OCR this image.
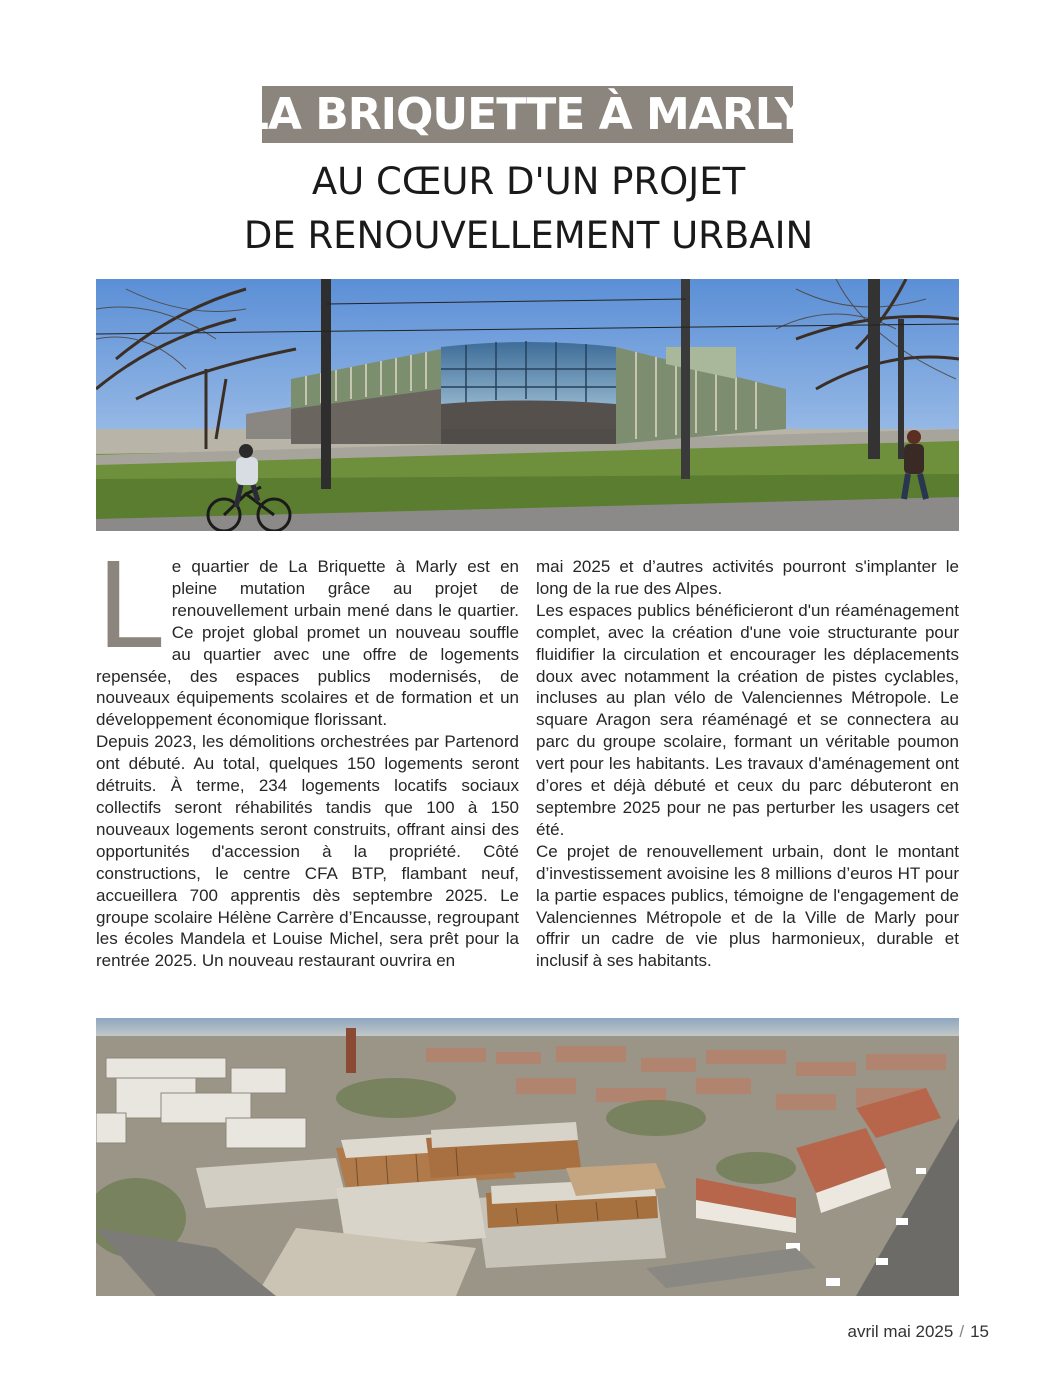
LA BRIQUETTE À MARLY,
AU CŒUR D'UN PROJET
DE RENOUVELLEMENT URBAIN
L e quartier de La Briquette à Marly est en pleine mutation grâce au projet de renouvellement urbain mené dans le quartier. Ce projet global promet un nouveau souffle au quartier avec une offre de logements repensée, des espaces publics modernisés, de nouveaux équipements scolaires et de formation et un développement économique florissant.

Depuis 2023, les démolitions orchestrées par Partenord ont débuté. Au total, quelques 150 logements seront détruits. À terme, 234 logements locatifs sociaux collectifs seront réhabilités tandis que 100 à 150 nouveaux logements seront construits, offrant ainsi des opportunités d'accession à la propriété. Côté constructions, le centre CFA BTP, flambant neuf, accueillera 700 apprentis dès septembre 2025. Le groupe scolaire Hélène Carrère d’Encausse, regroupant les écoles Mandela et Louise Michel, sera prêt pour la rentrée 2025. Un nouveau restaurant ouvrira en

mai 2025 et d’autres activités pourront s'implanter le long de la rue des Alpes.

Les espaces publics bénéficieront d'un réaménagement complet, avec la création d'une voie structurante pour fluidifier la circulation et encourager les déplacements doux avec notamment la création de pistes cyclables, incluses au plan vélo de Valenciennes Métropole. Le square Aragon sera réaménagé et se connectera au parc du groupe scolaire, formant un véritable poumon vert pour les habitants. Les travaux d'aménagement ont d’ores et déjà débuté et ceux du parc débuteront en septembre 2025 pour ne pas perturber les usagers cet été.

Ce projet de renouvellement urbain, dont le montant d’investissement avoisine les 8 millions d’euros HT pour la partie espaces publics, témoigne de l'engagement de Valenciennes Métropole et de la Ville de Marly pour offrir un cadre de vie plus harmonieux, durable et inclusif à ses habitants.

avril mai 2025 / 15
